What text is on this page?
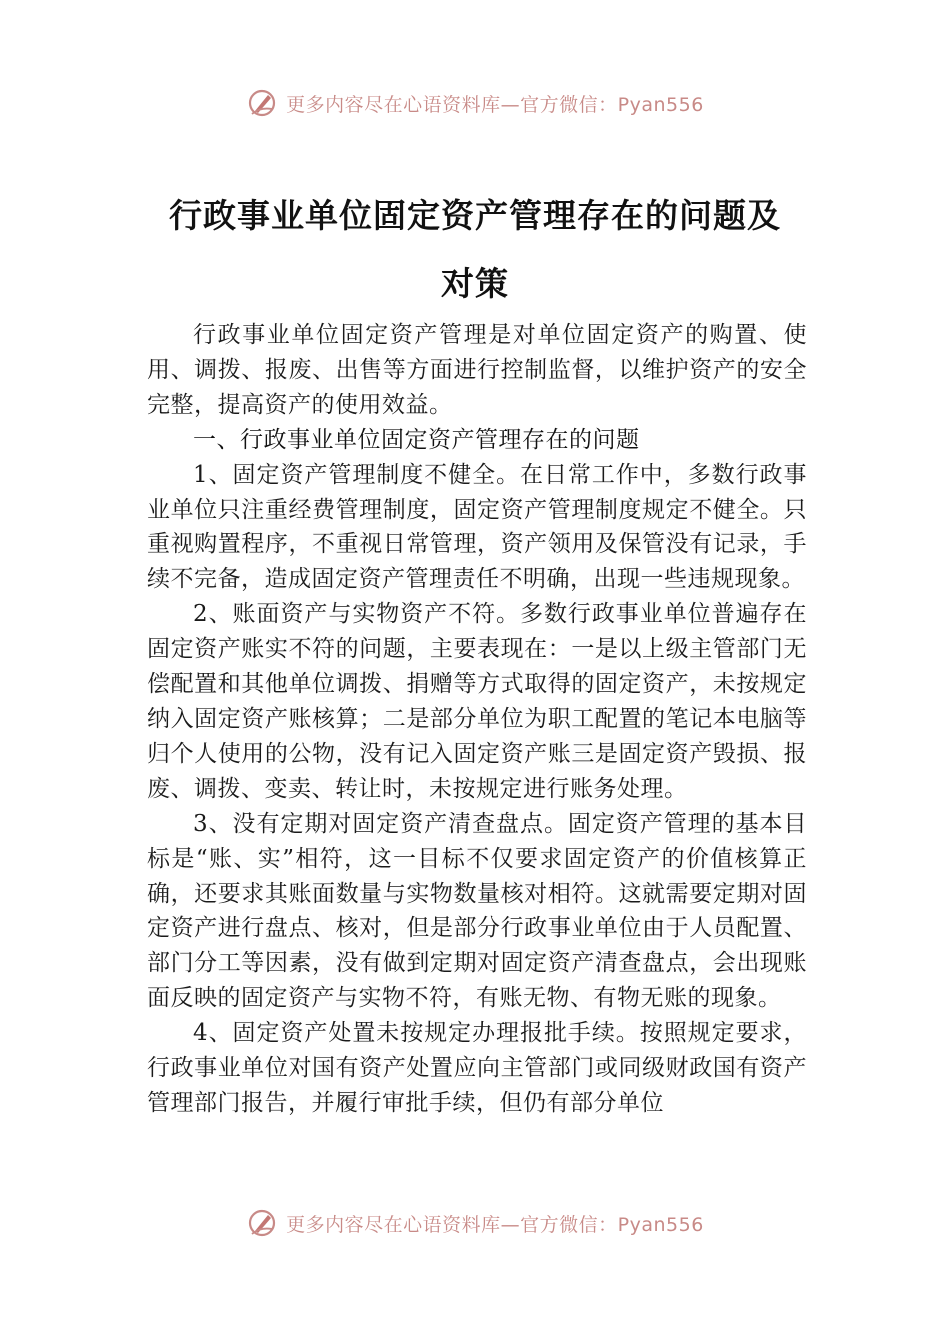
更多内容尽在心语资料库—官方微信：Pyan556
行政事业单位固定资产管理存在的问题及
对策

行政事业单位固定资产管理是对单位固定资产的购置、使用、调拨、报废、出售等方面进行控制监督，以维护资产的安全完整，提高资产的使用效益。

一、行政事业单位固定资产管理存在的问题

1、固定资产管理制度不健全。在日常工作中，多数行政事业单位只注重经费管理制度，固定资产管理制度规定不健全。只重视购置程序，不重视日常管理，资产领用及保管没有记录，手续不完备，造成固定资产管理责任不明确，出现一些违规现象。

2、账面资产与实物资产不符。多数行政事业单位普遍存在固定资产账实不符的问题，主要表现在：一是以上级主管部门无偿配置和其他单位调拨、捐赠等方式取得的固定资产，未按规定纳入固定资产账核算；二是部分单位为职工配置的笔记本电脑等归个人使用的公物，没有记入固定资产账三是固定资产毁损、报废、调拨、变卖、转让时，未按规定进行账务处理。

3、没有定期对固定资产清查盘点。固定资产管理的基本目标是“账、实”相符，这一目标不仅要求固定资产的价值核算正确，还要求其账面数量与实物数量核对相符。这就需要定期对固定资产进行盘点、核对，但是部分行政事业单位由于人员配置、部门分工等因素，没有做到定期对固定资产清查盘点，会出现账面反映的固定资产与实物不符，有账无物、有物无账的现象。

4、固定资产处置未按规定办理报批手续。按照规定要求，行政事业单位对国有资产处置应向主管部门或同级财政国有资产管理部门报告，并履行审批手续，但仍有部分单位

更多内容尽在心语资料库—官方微信：Pyan556
